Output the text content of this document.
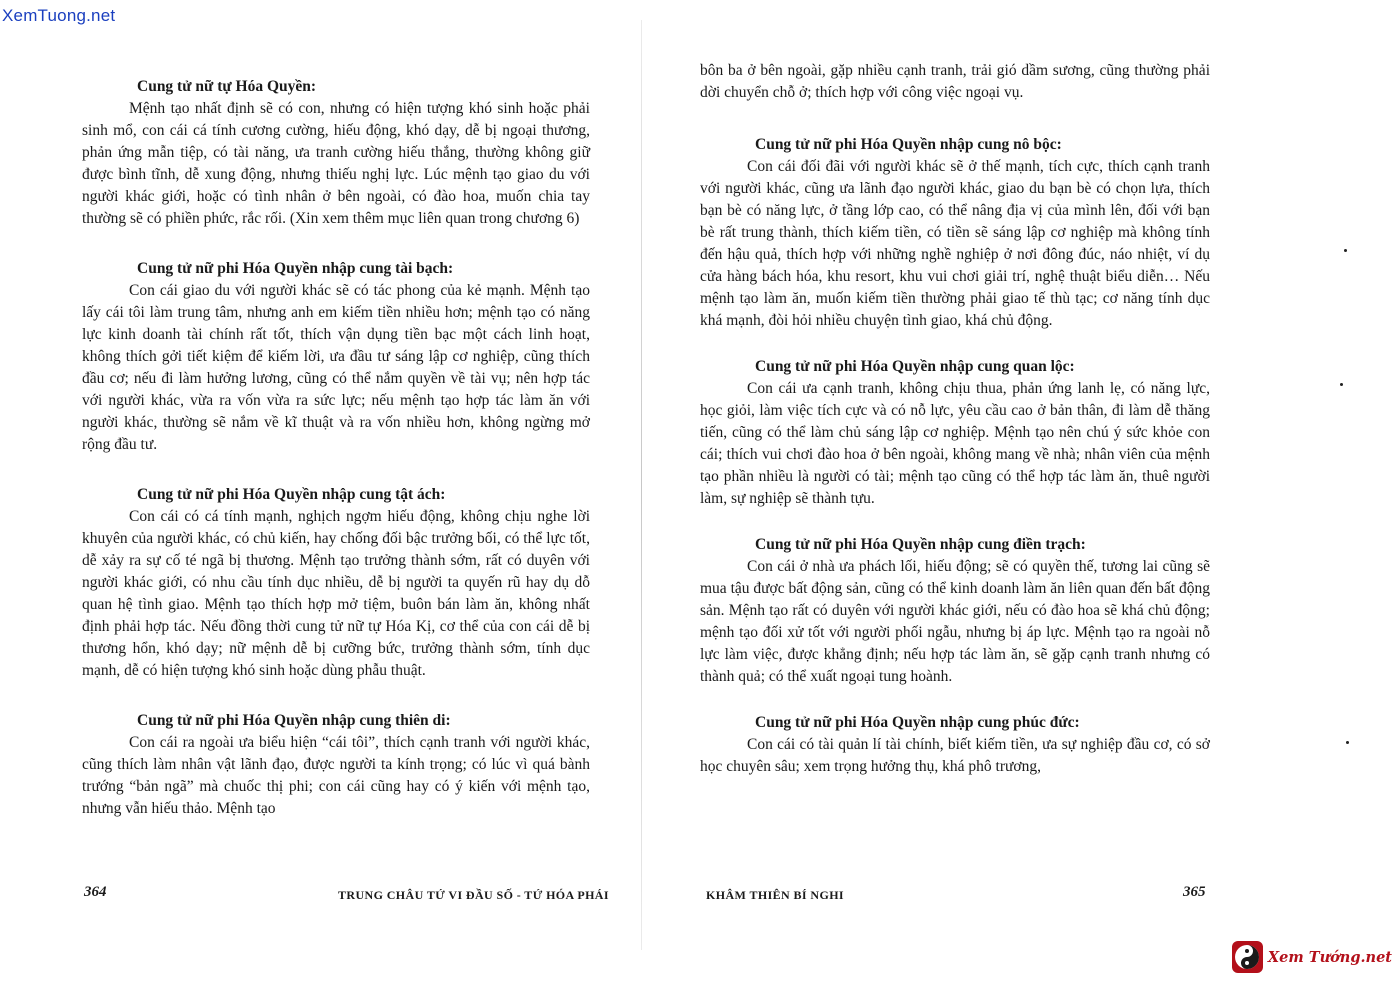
XemTuong.net

Cung tử nữ tự Hóa Quyền:

Mệnh tạo nhất định sẽ có con, nhưng có hiện tượng khó sinh hoặc phải sinh mổ, con cái cá tính cương cường, hiếu động, khó dạy, dễ bị ngoại thương, phản ứng mẫn tiệp, có tài năng, ưa tranh cường hiếu thắng, thường không giữ được bình tĩnh, dễ xung động, nhưng thiếu nghị lực. Lúc mệnh tạo giao du với người khác giới, hoặc có tình nhân ở bên ngoài, có đào hoa, muốn chia tay thường sẽ có phiền phức, rắc rối. (Xin xem thêm mục liên quan trong chương 6)

Cung tử nữ phi Hóa Quyền nhập cung tài bạch:

Con cái giao du với người khác sẽ có tác phong của kẻ mạnh. Mệnh tạo lấy cái tôi làm trung tâm, nhưng anh em kiếm tiền nhiều hơn; mệnh tạo có năng lực kinh doanh tài chính rất tốt, thích vận dụng tiền bạc một cách linh hoạt, không thích gởi tiết kiệm để kiếm lời, ưa đầu tư sáng lập cơ nghiệp, cũng thích đầu cơ; nếu đi làm hưởng lương, cũng có thể nắm quyền về tài vụ; nên hợp tác với người khác, vừa ra vốn vừa ra sức lực; nếu mệnh tạo hợp tác làm ăn với người khác, thường sẽ nắm về kĩ thuật và ra vốn nhiều hơn, không ngừng mở rộng đầu tư.

Cung tử nữ phi Hóa Quyền nhập cung tật ách:

Con cái có cá tính mạnh, nghịch ngợm hiếu động, không chịu nghe lời khuyên của người khác, có chủ kiến, hay chống đối bậc trưởng bối, có thể lực tốt, dễ xảy ra sự cố té ngã bị thương. Mệnh tạo trưởng thành sớm, rất có duyên với người khác giới, có nhu cầu tính dục nhiều, dễ bị người ta quyến rũ hay dụ dỗ quan hệ tình giao. Mệnh tạo thích hợp mở tiệm, buôn bán làm ăn, không nhất định phải hợp tác. Nếu đồng thời cung tử nữ tự Hóa Kị, cơ thể của con cái dễ bị thương hổn, khó dạy; nữ mệnh dễ bị cưỡng bức, trưởng thành sớm, tính dục mạnh, dễ có hiện tượng khó sinh hoặc dùng phẫu thuật.

Cung tử nữ phi Hóa Quyền nhập cung thiên di:

Con cái ra ngoài ưa biểu hiện “cái tôi”, thích cạnh tranh với người khác, cũng thích làm nhân vật lãnh đạo, được người ta kính trọng; có lúc vì quá bành trướng “bản ngã” mà chuốc thị phi; con cái cũng hay có ý kiến với mệnh tạo, nhưng vẫn hiếu thảo. Mệnh tạo

364	TRUNG CHÂU TỨ VI ĐẦU SỐ - TỨ HÓA PHÁI

bôn ba ở bên ngoài, gặp nhiều cạnh tranh, trải gió dầm sương, cũng thường phải dời chuyển chỗ ở; thích hợp với công việc ngoại vụ.

Cung tử nữ phi Hóa Quyền nhập cung nô bộc:

Con cái đối đãi với người khác sẽ ở thế mạnh, tích cực, thích cạnh tranh với người khác, cũng ưa lãnh đạo người khác, giao du bạn bè có chọn lựa, thích bạn bè có năng lực, ở tầng lớp cao, có thể nâng địa vị của mình lên, đối với bạn bè rất trung thành, thích kiếm tiền, có tiền sẽ sáng lập cơ nghiệp mà không tính đến hậu quả, thích hợp với những nghề nghiệp ở nơi đông đúc, náo nhiệt, ví dụ cửa hàng bách hóa, khu resort, khu vui chơi giải trí, nghệ thuật biểu diễn… Nếu mệnh tạo làm ăn, muốn kiếm tiền thường phải giao tế thù tạc; cơ năng tính dục khá mạnh, đòi hỏi nhiều chuyện tình giao, khá chủ động.

Cung tử nữ phi Hóa Quyền nhập cung quan lộc:

Con cái ưa cạnh tranh, không chịu thua, phản ứng lanh lẹ, có năng lực, học giỏi, làm việc tích cực và có nỗ lực, yêu cầu cao ở bản thân, đi làm dễ thăng tiến, cũng có thể làm chủ sáng lập cơ nghiệp. Mệnh tạo nên chú ý sức khỏe con cái; thích vui chơi đào hoa ở bên ngoài, không mang về nhà; nhân viên của mệnh tạo phần nhiều là người có tài; mệnh tạo cũng có thể hợp tác làm ăn, thuê người làm, sự nghiệp sẽ thành tựu.

Cung tử nữ phi Hóa Quyền nhập cung điền trạch:

Con cái ở nhà ưa phách lối, hiếu động; sẽ có quyền thế, tương lai cũng sẽ mua tậu được bất động sản, cũng có thể kinh doanh làm ăn liên quan đến bất động sản. Mệnh tạo rất có duyên với người khác giới, nếu có đào hoa sẽ khá chủ động; mệnh tạo đối xử tốt với người phối ngẫu, nhưng bị áp lực. Mệnh tạo ra ngoài nỗ lực làm việc, được khẳng định; nếu hợp tác làm ăn, sẽ gặp cạnh tranh nhưng có thành quả; có thể xuất ngoại tung hoành.

Cung tử nữ phi Hóa Quyền nhập cung phúc đức:

Con cái có tài quản lí tài chính, biết kiếm tiền, ưa sự nghiệp đầu cơ, có sở học chuyên sâu; xem trọng hưởng thụ, khá phô trương,

KHÂM THIÊN BÍ NGHI	365
Xem Tướng.net
